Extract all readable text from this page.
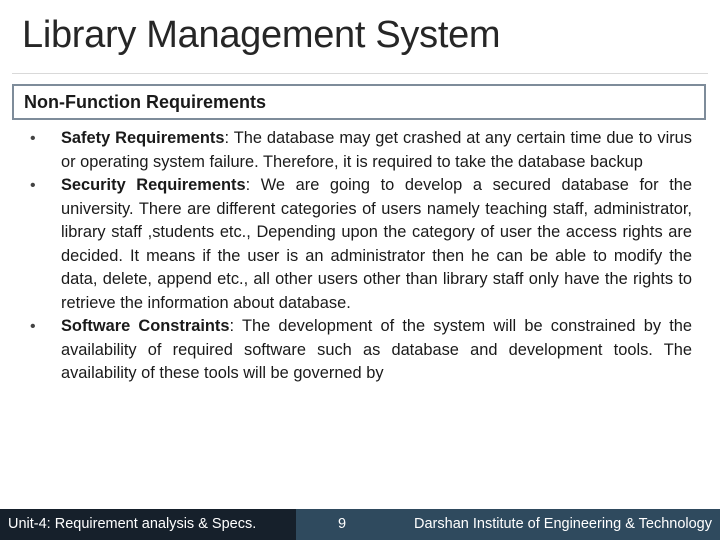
Library Management System
Non-Function Requirements
• Safety Requirements: The database may get crashed at any certain time due to virus or operating system failure. Therefore, it is required to take the database backup
• Security Requirements: We are going to develop a secured database for the university. There are different categories of users namely teaching staff, administrator, library staff ,students etc., Depending upon the category of user the access rights are decided. It means if the user is an administrator then he can be able to modify the data, delete, append etc., all other users other than library staff only have the rights to retrieve the information about database.
• Software Constraints: The development of the system will be constrained by the availability of required software such as database and development tools. The availability of these tools will be governed by
Unit-4: Requirement analysis & Specs.	9	Darshan Institute of Engineering & Technology
